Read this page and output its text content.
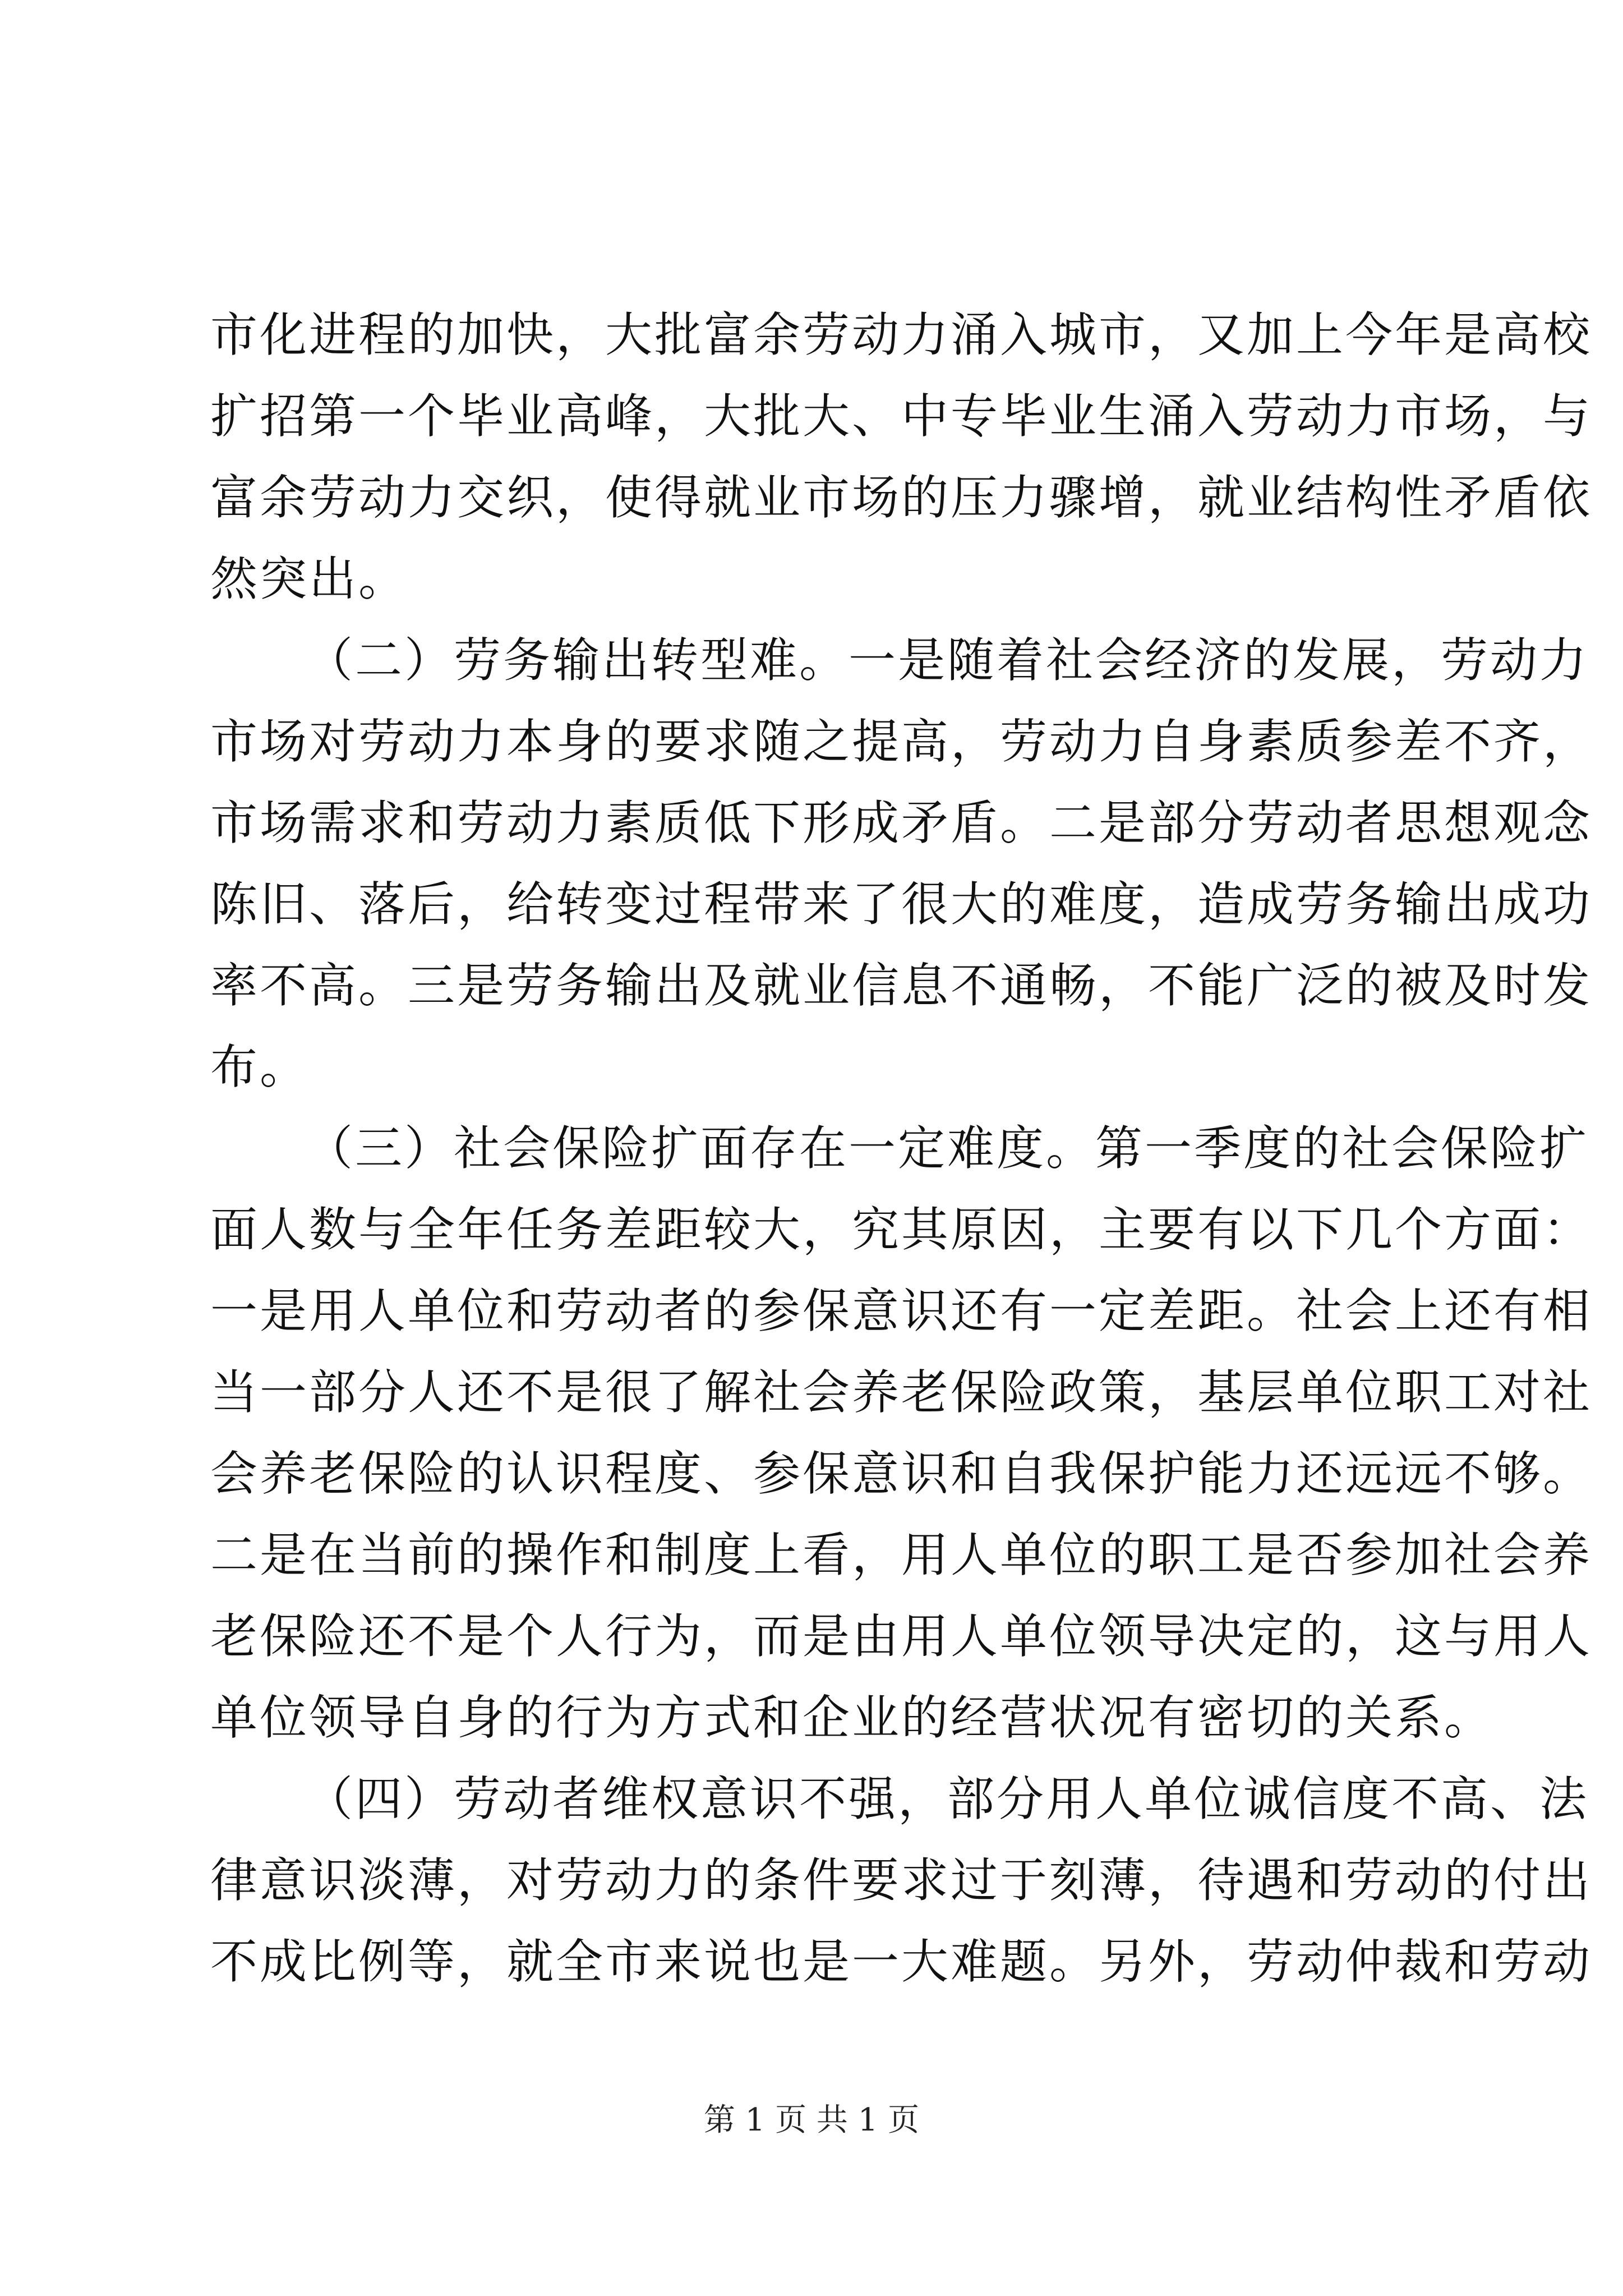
市化进程的加快，大批富余劳动力涌入城市，又加上今年是高校
扩招第一个毕业高峰，大批大、中专毕业生涌入劳动力市场，与
富余劳动力交织，使得就业市场的压力骤增，就业结构性矛盾依
然突出。
（二）劳务输出转型难。一是随着社会经济的发展，劳动力
市场对劳动力本身的要求随之提高，劳动力自身素质参差不齐，
市场需求和劳动力素质低下形成矛盾。二是部分劳动者思想观念
陈旧、落后，给转变过程带来了很大的难度，造成劳务输出成功
率不高。三是劳务输出及就业信息不通畅，不能广泛的被及时发
布。
（三）社会保险扩面存在一定难度。第一季度的社会保险扩
面人数与全年任务差距较大，究其原因，主要有以下几个方面：
一是用人单位和劳动者的参保意识还有一定差距。社会上还有相
当一部分人还不是很了解社会养老保险政策，基层单位职工对社
会养老保险的认识程度、参保意识和自我保护能力还远远不够。
二是在当前的操作和制度上看，用人单位的职工是否参加社会养
老保险还不是个人行为，而是由用人单位领导决定的，这与用人
单位领导自身的行为方式和企业的经营状况有密切的关系。
（四）劳动者维权意识不强，部分用人单位诚信度不高、法
律意识淡薄，对劳动力的条件要求过于刻薄，待遇和劳动的付出
不成比例等，就全市来说也是一大难题。另外，劳动仲裁和劳动
第 1 页 共 1 页
